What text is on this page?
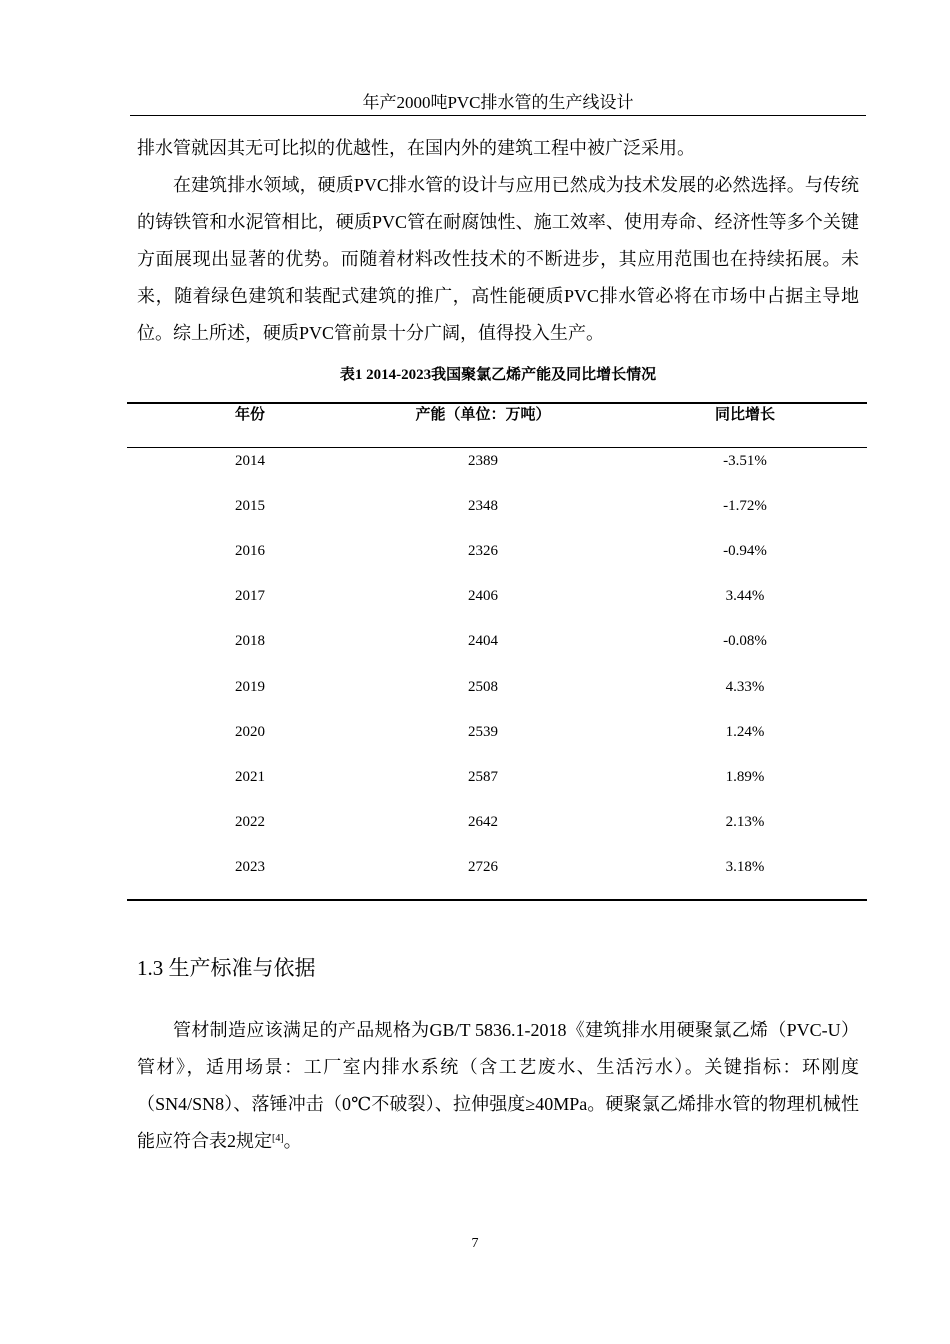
年产2000吨PVC排水管的生产线设计

排水管就因其无可比拟的优越性，在国内外的建筑工程中被广泛采用。

在建筑排水领域，硬质PVC排水管的设计与应用已然成为技术发展的必然选择。与传统的铸铁管和水泥管相比，硬质PVC管在耐腐蚀性、施工效率、使用寿命、经济性等多个关键方面展现出显著的优势。而随着材料改性技术的不断进步，其应用范围也在持续拓展。未来，随着绿色建筑和装配式建筑的推广，高性能硬质PVC排水管必将在市场中占据主导地位。综上所述，硬质PVC管前景十分广阔，值得投入生产。

表1 2014-2023我国聚氯乙烯产能及同比增长情况
年份	产能（单位：万吨）	同比增长
2014	2389	-3.51%
2015	2348	-1.72%
2016	2326	-0.94%
2017	2406	3.44%
2018	2404	-0.08%
2019	2508	4.33%
2020	2539	1.24%
2021	2587	1.89%
2022	2642	2.13%
2023	2726	3.18%
1.3 生产标准与依据

管材制造应该满足的产品规格为GB/T 5836.1-2018《建筑排水用硬聚氯乙烯（PVC-U）管材》，适用场景：工厂室内排水系统（含工艺废水、生活污水）。关键指标：环刚度（SN4/SN8）、落锤冲击（0℃不破裂）、拉伸强度≥40MPa。硬聚氯乙烯排水管的物理机械性能应符合表2规定[4]。

7
